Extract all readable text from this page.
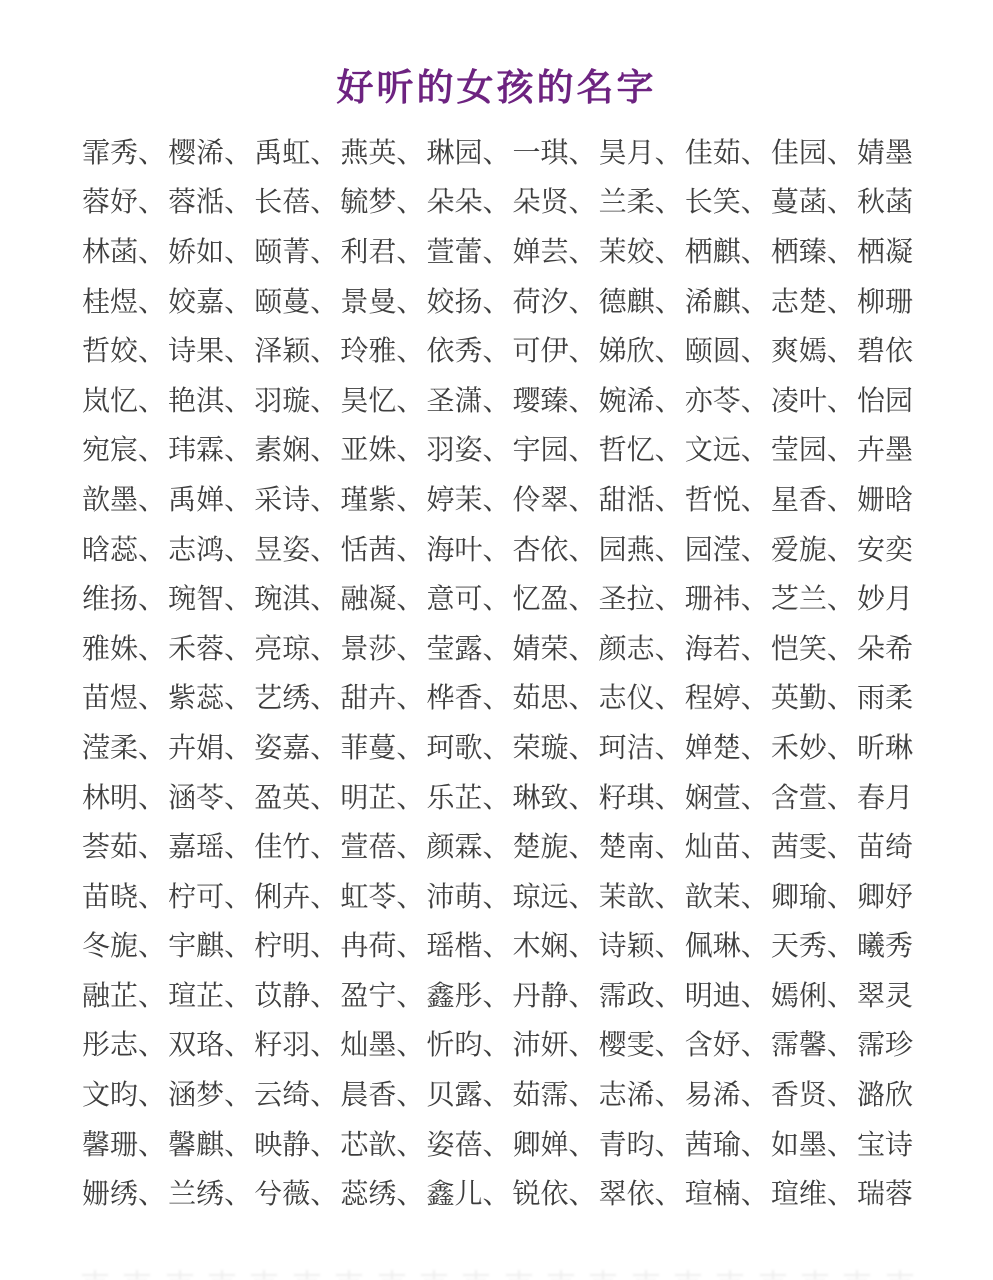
好听的女孩的名字
霏秀、 樱浠、 禹虹、 燕英、 琳园、 一琪、 昊月、 佳茹、 佳园、 婧墨
蓉妤、 蓉湉、 长蓓、 毓梦、 朵朵、 朵贤、 兰柔、 长笑、 蔓菡、 秋菡
林菡、 娇如、 颐菁、 利君、 萱蕾、 婵芸、 茉姣、 栖麒、 栖臻、 栖凝
桂煜、 姣嘉、 颐蔓、 景曼、 姣扬、 荷汐、 德麒、 浠麒、 志楚、 柳珊
哲姣、 诗果、 泽颖、 玲雅、 依秀、 可伊、 娣欣、 颐圆、 爽嫣、 碧依
岚忆、 艳淇、 羽璇、 昊忆、 圣潇、 璎臻、 婉浠、 亦苓、 凌叶、 怡园
宛宸、 玮霖、 素娴、 亚姝、 羽姿、 宇园、 哲忆、 文远、 莹园、 卉墨
歆墨、 禹婵、 采诗、 瑾紫、 婷茉、 伶翠、 甜湉、 哲悦、 星香、 姗晗
晗蕊、 志鸿、 昱姿、 恬茜、 海叶、 杏依、 园燕、 园滢、 爱旎、 安奕
维扬、 琬智、 琬淇、 融凝、 意可、 忆盈、 圣拉、 珊祎、 芝兰、 妙月
雅姝、 禾蓉、 亮琼、 景莎、 莹露、 婧荣、 颜志、 海若、 恺笑、 朵希
苗煜、 紫蕊、 艺绣、 甜卉、 桦香、 茹思、 志仪、 程婷、 英勤、 雨柔
滢柔、 卉娟、 姿嘉、 菲蔓、 珂歌、 荣璇、 珂洁、 婵楚、 禾妙、 昕琳
林明、 涵苓、 盈英、 明芷、 乐芷、 琳致、 籽琪、 娴萱、 含萱、 春月
荟茹、 嘉瑶、 佳竹、 萱蓓、 颜霖、 楚旎、 楚南、 灿苗、 茜雯、 苗绮
苗晓、 柠可、 俐卉、 虹苓、 沛萌、 琼远、 茉歆、 歆茉、 卿瑜、 卿妤
冬旎、 宇麒、 柠明、 冉荷、 瑶楷、 木娴、 诗颖、 佩琳、 天秀、 曦秀
融芷、 瑄芷、 苡静、 盈宁、 鑫彤、 丹静、 霈政、 明迪、 嫣俐、 翠灵
彤志、 双珞、 籽羽、 灿墨、 忻昀、 沛妍、 樱雯、 含妤、 霈馨、 霈珍
文昀、 涵梦、 云绮、 晨香、 贝露、 茹霈、 志浠、 易浠、 香贤、 潞欣
馨珊、 馨麒、 映静、 芯歆、 姿蓓、 卿婵、 青昀、 茜瑜、 如墨、 宝诗
姗绣、 兰绣、 兮薇、 蕊绣、 鑫儿、 锐依、 翠依、 瑄楠、 瑄维、 瑞蓉
